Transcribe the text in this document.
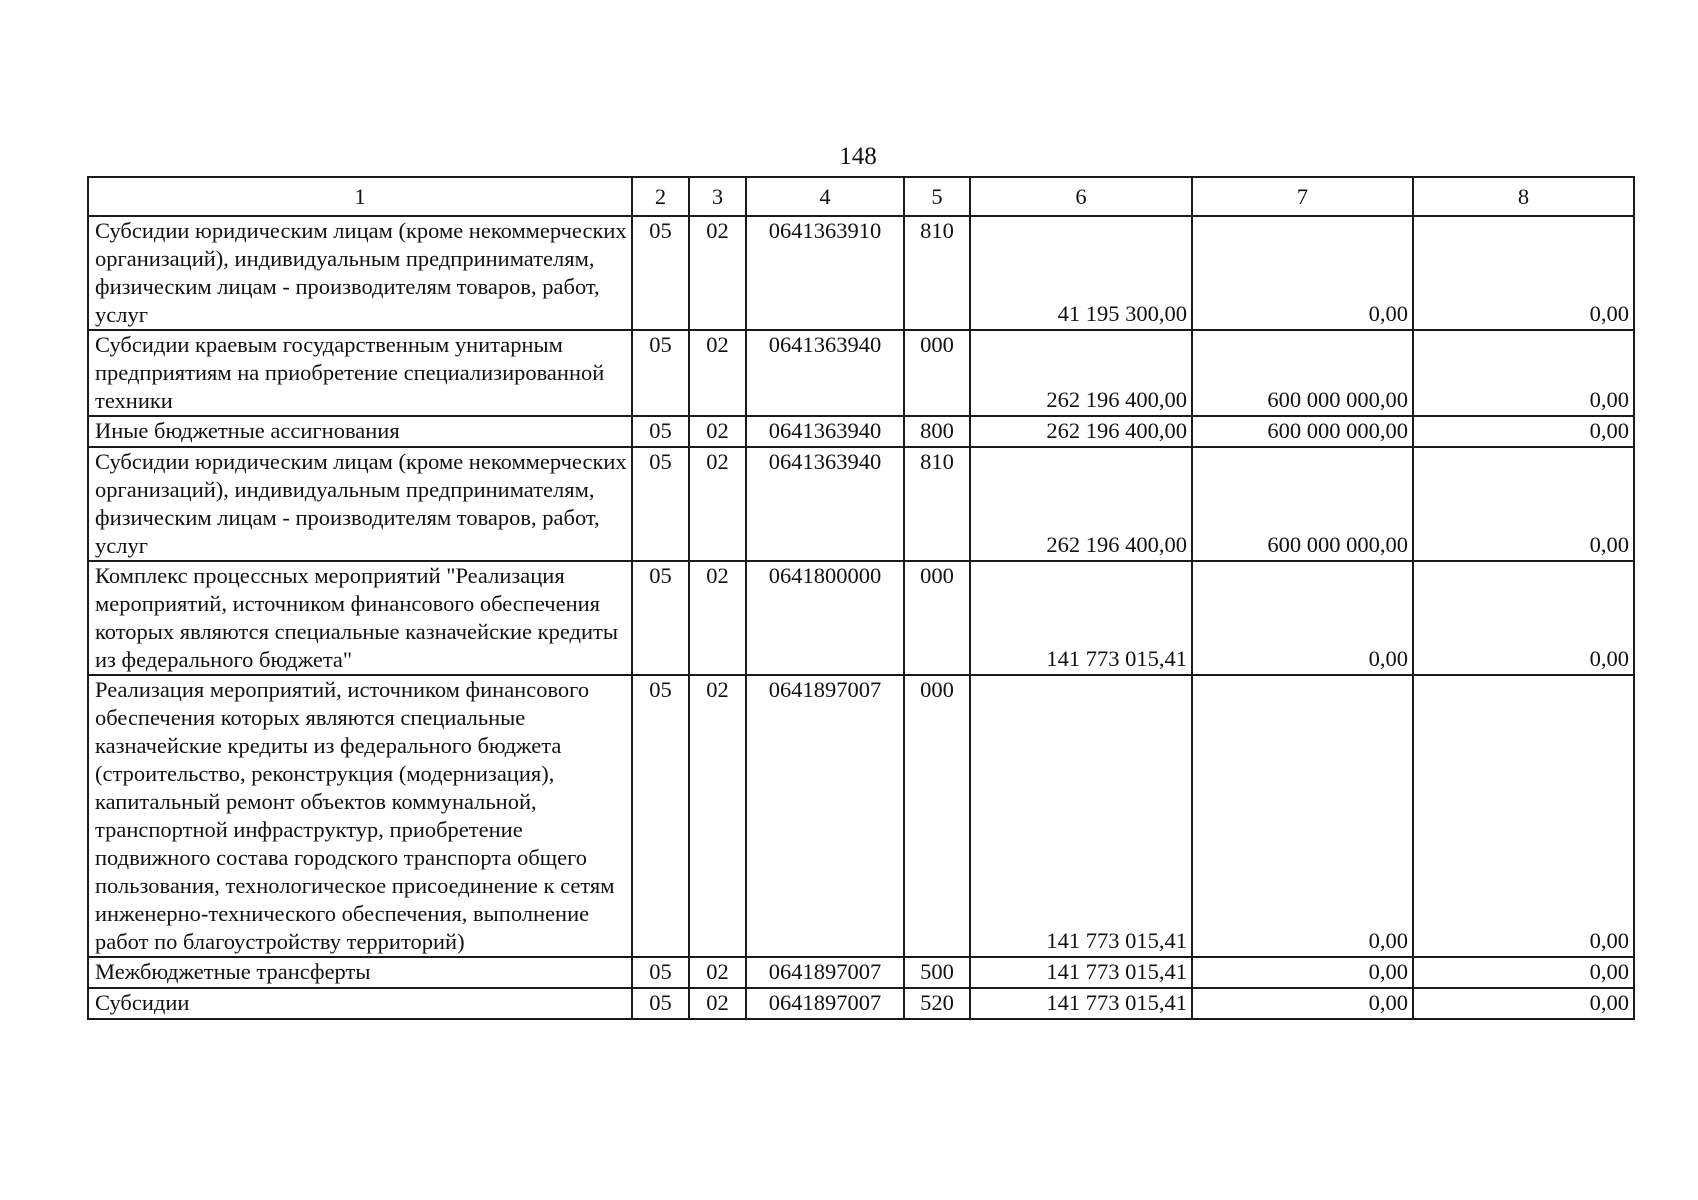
148
1	2	3	4	5	6	7	8
Субсидии юридическим лицам (кроме некоммерческих организаций), индивидуальным предпринимателям, физическим лицам - производителям товаров, работ, услуг	05	02	0641363910	810	41 195 300,00	0,00	0,00
Субсидии краевым государственным унитарным предприятиям на приобретение специализированной техники	05	02	0641363940	000	262 196 400,00	600 000 000,00	0,00
Иные бюджетные ассигнования	05	02	0641363940	800	262 196 400,00	600 000 000,00	0,00
Субсидии юридическим лицам (кроме некоммерческих организаций), индивидуальным предпринимателям, физическим лицам - производителям товаров, работ, услуг	05	02	0641363940	810	262 196 400,00	600 000 000,00	0,00
Комплекс процессных мероприятий "Реализация мероприятий, источником финансового обеспечения которых являются специальные казначейские кредиты из федерального бюджета"	05	02	0641800000	000	141 773 015,41	0,00	0,00
Реализация мероприятий, источником финансового обеспечения которых являются специальные казначейские кредиты из федерального бюджета (строительство, реконструкция (модернизация), капитальный ремонт объектов коммунальной, транспортной инфраструктур, приобретение подвижного состава городского транспорта общего пользования, технологическое присоединение к сетям инженерно-технического обеспечения, выполнение работ по благоустройству территорий)	05	02	0641897007	000	141 773 015,41	0,00	0,00
Межбюджетные трансферты	05	02	0641897007	500	141 773 015,41	0,00	0,00
Субсидии	05	02	0641897007	520	141 773 015,41	0,00	0,00
